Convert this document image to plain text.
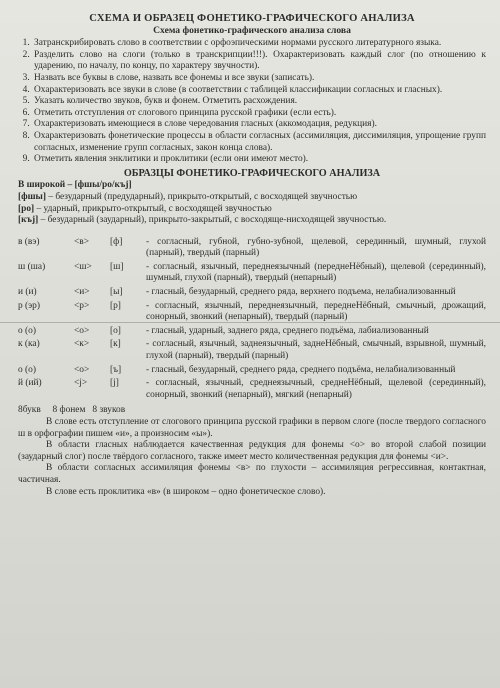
СХЕМА И ОБРАЗЕЦ ФОНЕТИКО-ГРАФИЧЕСКОГО АНАЛИЗА
Схема фонетико-графического анализа слова
1. Затранскрибировать слово в соответствии с орфоэпическими нормами русского литературного языка.
2. Разделить слово на слоги (только в транскрипции!!!). Охарактеризовать каждый слог (по отношению к ударению, по началу, по концу, по характеру звучности).
3. Назвать все буквы в слове, назвать все фонемы и все звуки (записать).
4. Охарактеризовать все звуки в слове (в соответствии с таблицей классификации согласных и гласных).
5. Указать количество звуков, букв и фонем. Отметить расхождения.
6. Отметить отступления от слогового принципа русской графики (если есть).
7. Охарактеризовать имеющиеся в слове чередования гласных (аккомодация, редукция).
8. Охарактеризовать фонетические процессы в области согласных (ассимиляция, диссимиляция, упрощение групп согласных, изменение групп согласных, закон конца слова).
9. Отметить явления энклитики и проклитики (если они имеют место).
ОБРАЗЦЫ ФОНЕТИКО-ГРАФИЧЕСКОГО АНАЛИЗА

В широкой – [фшы/ро/къј]

[фшы] – безударный (предударный), прикрыто-открытый, с восходящей звучностью

[ро] – ударный, прикрыто-открытый, с восходящей звучностью

[къј] – безударный (заударный), прикрыто-закрытый, с восходяще-нисходящей звучностью.

в (вэ)	<в>	[ф]	- согласный, губной, губно-зубной, щелевой, серединный, шумный, глухой (парный), твердый (парный)
ш (ша)	<ш>	[ш]	- согласный, язычный, переднеязычный (переднеНёбный), щелевой (серединный), шумный, глухой (парный), твердый (непарный)
и (и)	<и>	[ы]	- гласный, безударный, среднего ряда, верхнего подъема, нелабиализованный
р (эр)	<р>	[р]	- согласный, язычный, переднеязычный, переднеНёбный, смычный, дрожащий, сонорный, звонкий (непарный), твердый (парный)
о (о)	<о>	[о]	- гласный, ударный, заднего ряда, среднего подъёма, лабиализованный
к (ка)	<к>	[к]	- согласный, язычный, заднеязычный, заднеНёбный, смычный, взрывной, шумный, глухой (парный), твердый (парный)
о (о)	<о>	[ъ]	- гласный, безударный, среднего ряда, среднего подъёма, нелабиализованный
й (ий)	<j>	[j]	- согласный, язычный, среднеязычный, среднеНёбный, щелевой (серединный), сонорный, звонкий (непарный), мягкий (непарный)

8букв     8 фонем   8 звуков

В слове есть отступление от слогового принципа русской графики в первом слоге (после твердого согласного ш в орфографии пишем «и», а произносим «ы»).

В области гласных наблюдается качественная редукция для фонемы <о> во второй слабой позиции (заударный слог) после твёрдого согласного, также имеет место количественная редукция для фонемы <и>.

В области согласных ассимиляция фонемы <в> по глухости – ассимиляция регрессивная, контактная, частичная.

В слове есть проклитика «в» (в широком – одно фонетическое слово).
